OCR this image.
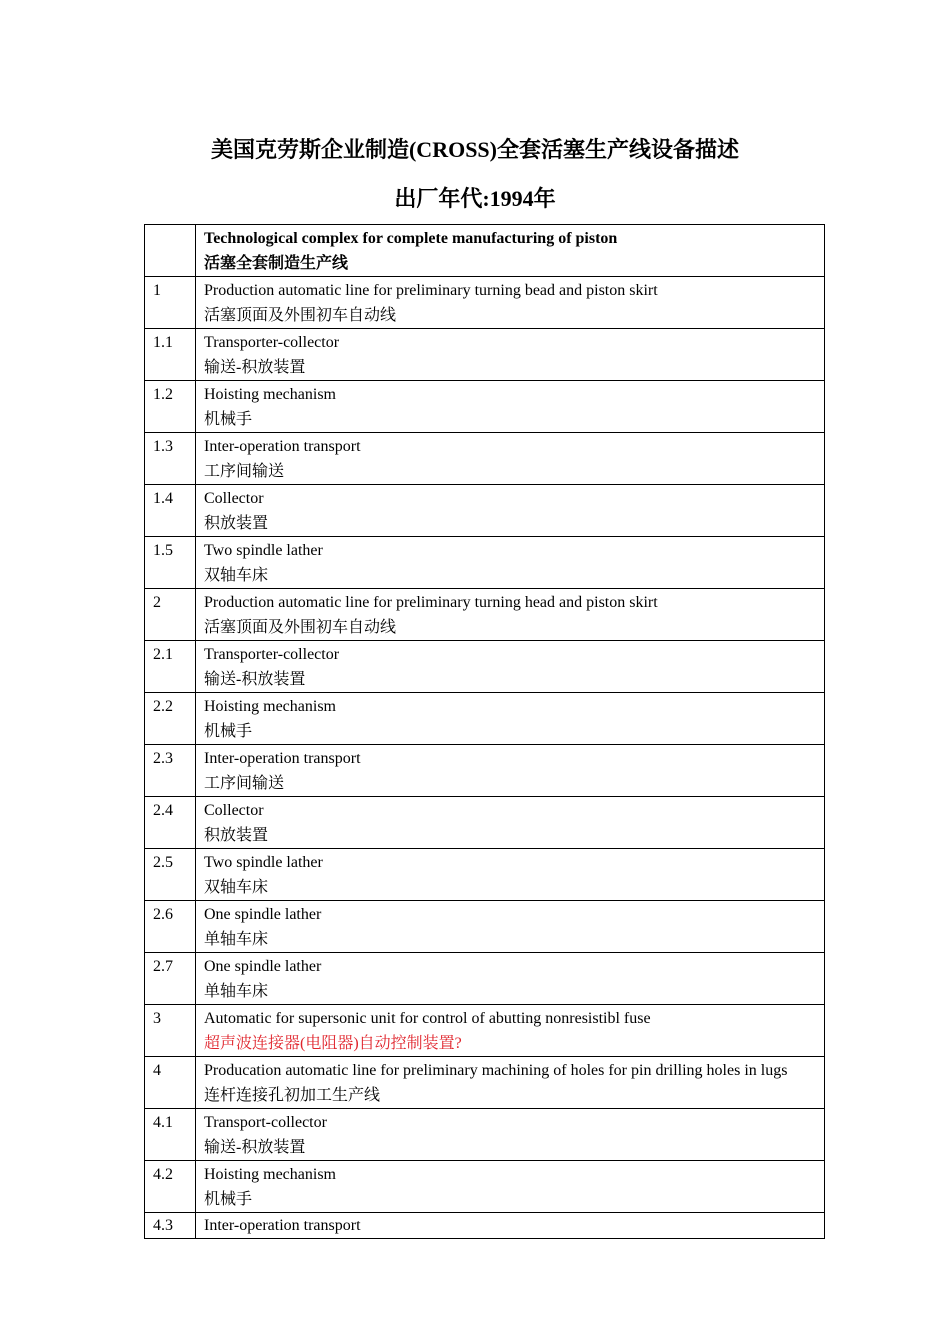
美国克劳斯企业制造(CROSS)全套活塞生产线设备描述
出厂年代:1994年

	Technological complex for complete manufacturing of piston
活塞全套制造生产线

1	Production automatic line for preliminary turning bead and piston skirt
活塞顶面及外围初车自动线

1.1	Transporter-collector
输送-积放装置

1.2	Hoisting mechanism
机械手

1.3	Inter-operation transport
工序间输送

1.4	Collector
积放装置

1.5	Two spindle lather
双轴车床

2	Production automatic line for preliminary turning head and piston skirt
活塞顶面及外围初车自动线

2.1	Transporter-collector
输送-积放装置

2.2	Hoisting mechanism
机械手

2.3	Inter-operation transport
工序间输送

2.4	Collector
积放装置

2.5	Two spindle lather
双轴车床

2.6	One spindle lather
单轴车床

2.7	One spindle lather
单轴车床

3	Automatic for supersonic unit for control of abutting nonresistibl fuse
超声波连接器(电阻器)自动控制装置?

4	Producation automatic line for preliminary machining of holes for pin drilling holes in lugs
连杆连接孔初加工生产线

4.1	Transport-collector
输送-积放装置

4.2	Hoisting mechanism
机械手

4.3	Inter-operation transport
